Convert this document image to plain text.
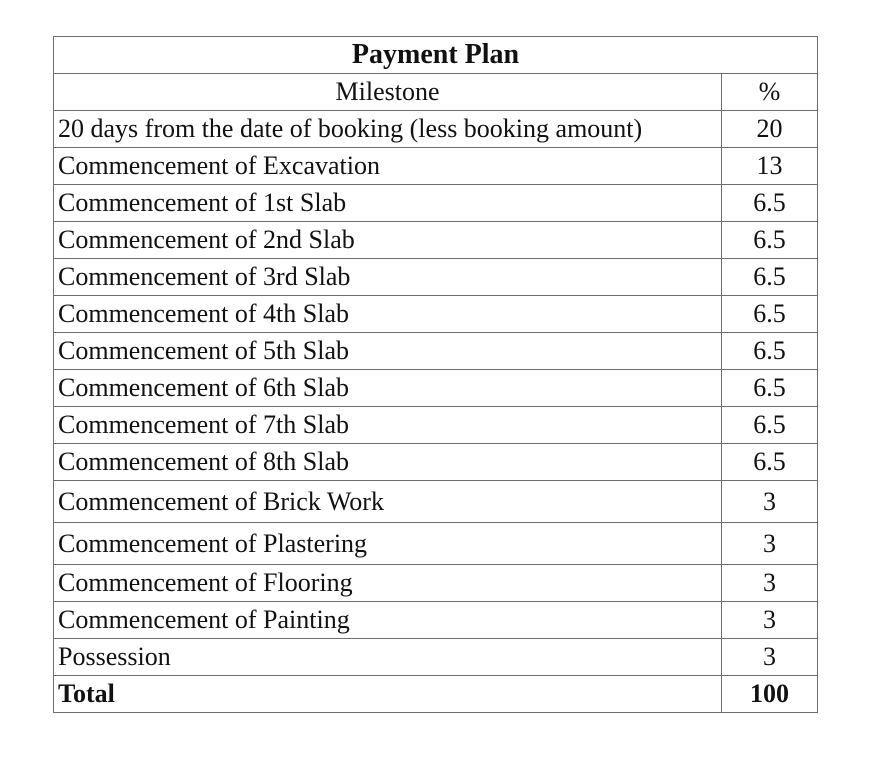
Payment Plan	
Milestone	%
20 days from the date of booking (less booking amount)	20
Commencement of Excavation	13
Commencement of 1st Slab	6.5
Commencement of 2nd Slab	6.5
Commencement of 3rd Slab	6.5
Commencement of 4th Slab	6.5
Commencement of 5th Slab	6.5
Commencement of 6th Slab	6.5
Commencement of 7th Slab	6.5
Commencement of 8th Slab	6.5
Commencement of Brick Work	3
Commencement of Plastering	3
Commencement of Flooring	3
Commencement of Painting	3
Possession	3
Total	100
